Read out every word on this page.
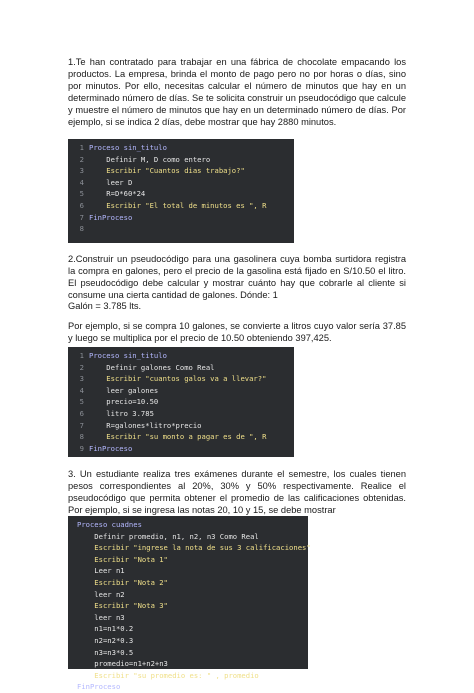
1.Te han contratado para trabajar en una fábrica de chocolate empacando los productos. La empresa, brinda el monto de pago pero no por horas o días, sino por minutos. Por ello, necesitas calcular el número de minutos que hay en un determinado número de días. Se te solicita construir un pseudocódigo que calcule y muestre el número de minutos que hay en un determinado número de días. Por ejemplo, si se indica 2 días, debe mostrar que hay 2880 minutos.

1 Proceso sin_titulo
2 Definir M, D como entero
3 Escribir "Cuantos dias trabajo?"
4 leer D
5 R=D*60*24
6 Escribir "El total de minutos es ", R
7 FinProceso
8

2.Construir un pseudocódigo para una gasolinera cuya bomba surtidora registra la compra en galones, pero el precio de la gasolina está fijado en S/10.50 el litro. El pseudocódigo debe calcular y mostrar cuánto hay que cobrarle al cliente si consume una cierta cantidad de galones. Dónde: 1

Galón = 3.785 lts.

Por ejemplo, si se compra 10 galones, se convierte a litros cuyo valor sería 37.85 y luego se multiplica por el precio de 10.50 obteniendo 397,425.

1 Proceso sin_titulo
2 Definir galones Como Real
3 Escribir "cuantos galos va a llevar?"
4 leer galones
5 precio=10.50
6 litro 3.785
7 R=galones*litro*precio
8 Escribir "su monto a pagar es de ", R
9 FinProceso

3. Un estudiante realiza tres exámenes durante el semestre, los cuales tienen pesos correspondientes al 20%, 30% y 50% respectivamente. Realice el pseudocódigo que permita obtener el promedio de las calificaciones obtenidas. Por ejemplo, si se ingresa las notas 20, 10 y 15, se debe mostrar

Proceso cuadnes
Definir promedio, n1, n2, n3 Como Real
Escribir "ingrese la nota de sus 3 calificaciones"
Escribir "Nota 1"
Leer n1
Escribir "Nota 2"
leer n2
Escribir "Nota 3"
leer n3
n1=n1*0.2
n2=n2*0.3
n3=n3*0.5
promedio=n1+n2+n3
Escribir "su promedio es: " , promedio
FinProceso
